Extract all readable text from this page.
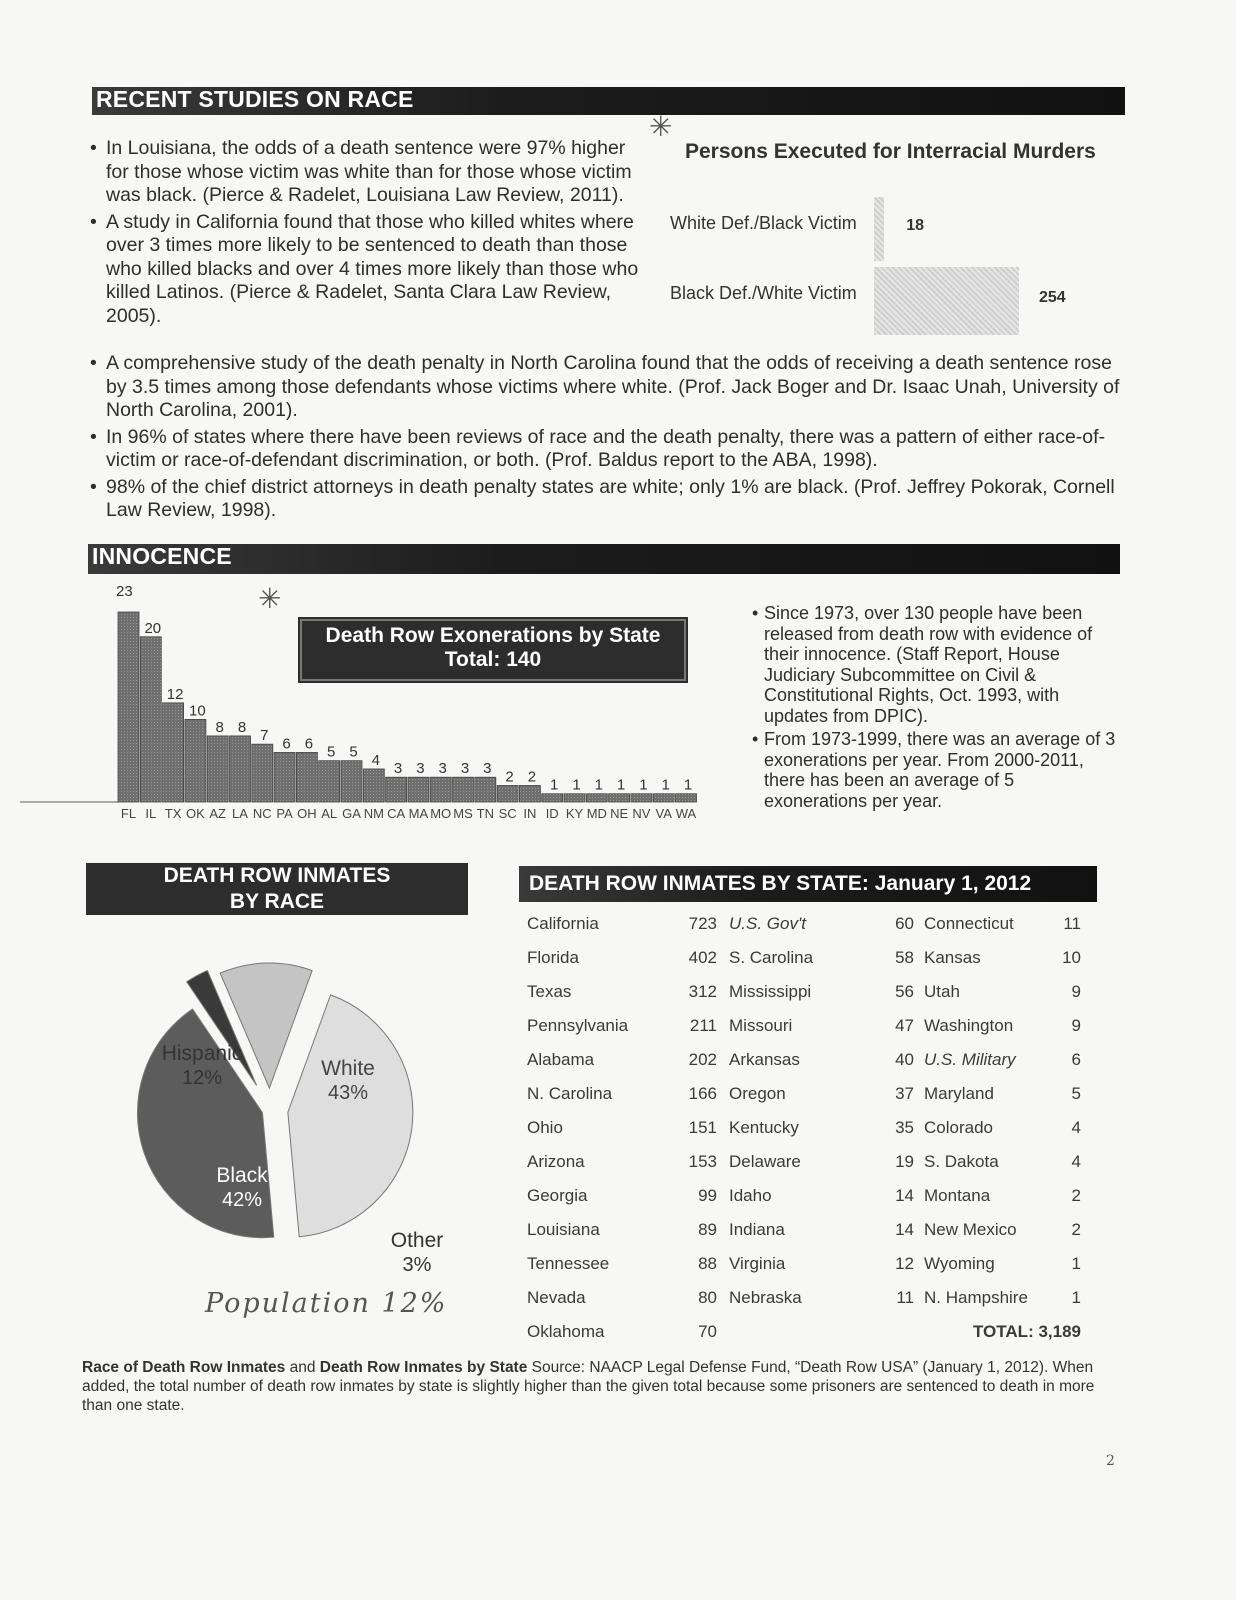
RECENT STUDIES ON RACE
✳
• In Louisiana, the odds of a death sentence were 97% higher for those whose victim was white than for those whose victim was black. (Pierce & Radelet, Louisiana Law Review, 2011).
• A study in California found that those who killed whites where over 3 times more likely to be sentenced to death than those who killed blacks and over 4 times more likely than those who killed Latinos. (Pierce & Radelet, Santa Clara Law Review, 2005).
• A comprehensive study of the death penalty in North Carolina found that the odds of receiving a death sentence rose by 3.5 times among those defendants whose victims where white. (Prof. Jack Boger and Dr. Isaac Unah, University of North Carolina, 2001).
• In 96% of states where there have been reviews of race and the death penalty, there was a pattern of either race-of-victim or race-of-defendant discrimination, or both. (Prof. Baldus report to the ABA, 1998).
• 98% of the chief district attorneys in death penalty states are white; only 1% are black. (Prof. Jeffrey Pokorak, Cornell Law Review, 1998).
Persons Executed for Interracial Murders
White Def./Black Victim	18
Black Def./White Victim	254
INNOCENCE
✳
23
FL
20
IL
12
TX
10
OK
8
AZ
8
LA
7
NC
6
PA
6
OH
5
AL
5
GA
4
NM
3
CA
3
MA
3
MO
3
MS
3
TN
2
SC
2
IN
1
ID
1
KY
1
MD
1
NE
1
NV
1
VA
1
WA
Death Row Exonerations by State
Total: 140
• Since 1973, over 130 people have been released from death row with evidence of their innocence. (Staff Report, House Judiciary Subcommittee on Civil & Constitutional Rights, Oct. 1993, with updates from DPIC).
• From 1973-1999, there was an average of 3 exonerations per year. From 2000-2011, there has been an average of 5 exonerations per year.
DEATH ROW INMATES
BY RACE
White
43%
Black
42%
Other
3%
Hispanic
12%
Population 12%
DEATH ROW INMATES BY STATE: January 1, 2012
California	723	U.S. Gov't	60	Connecticut	11
Florida	402	S. Carolina	58	Kansas	10
Texas	312	Mississippi	56	Utah	9
Pennsylvania	211	Missouri	47	Washington	9
Alabama	202	Arkansas	40	U.S. Military	6
N. Carolina	166	Oregon	37	Maryland	5
Ohio	151	Kentucky	35	Colorado	4
Arizona	153	Delaware	19	S. Dakota	4
Georgia	99	Idaho	14	Montana	2
Louisiana	89	Indiana	14	New Mexico	2
Tennessee	88	Virginia	12	Wyoming	1
Nevada	80	Nebraska	11	N. Hampshire	1
Oklahoma	70	TOTAL: 3,189			
Race of Death Row Inmates and Death Row Inmates by State Source: NAACP Legal Defense Fund, “Death Row USA” (January 1, 2012). When added, the total number of death row inmates by state is slightly higher than the given total because some prisoners are sentenced to death in more than one state.
2
